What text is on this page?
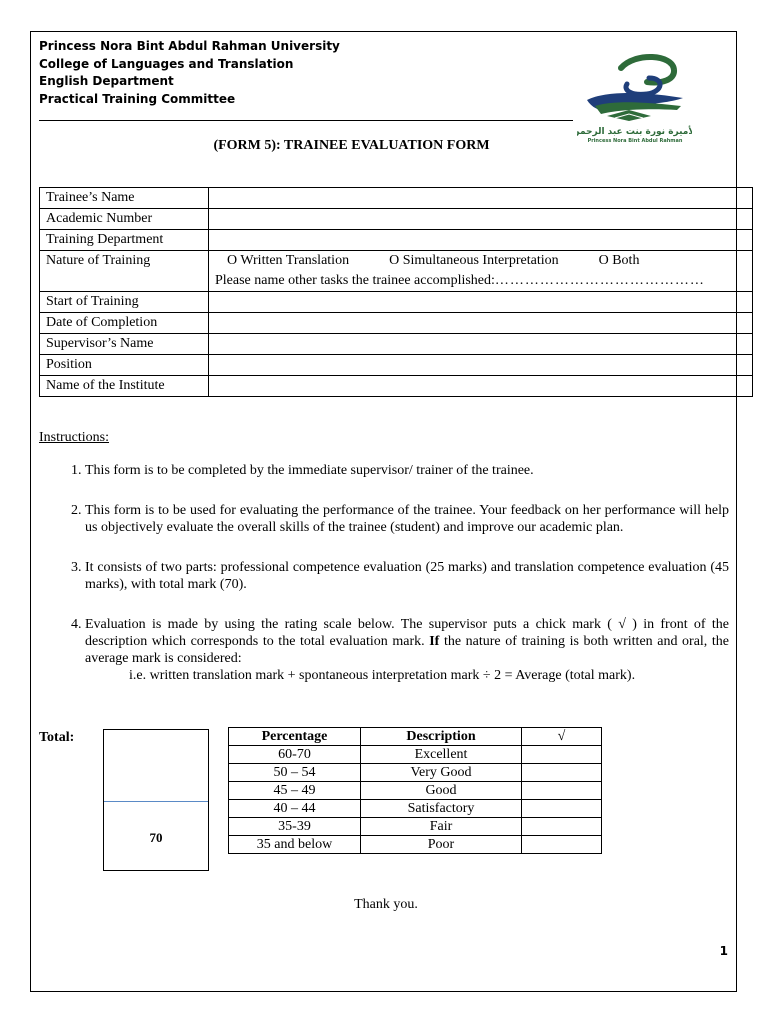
Princess Nora Bint Abdul Rahman University
College of Languages and Translation
English Department
Practical Training Committee
الأميرة نورة بنت عبد الرحمن
Princess Nora Bint Abdul Rahman
(FORM 5): TRAINEE EVALUATION FORM
Trainee’s Name	
Academic Number	
Training Department	
Nature of Training	O Written Translation O Simultaneous Interpretation O Both
Please name other tasks the trainee accomplished:……………………………………

Start of Training	
Date of Completion	
Supervisor’s Name	
Position	
Name of the Institute	
Instructions:
1. This form is to be completed by the immediate supervisor/ trainer of the trainee.
2. This form is to be used for evaluating the performance of the trainee. Your feedback on her performance will help us objectively evaluate the overall skills of the trainee (student) and improve our academic plan.
3. It consists of two parts: professional competence evaluation (25 marks) and translation competence evaluation (45 marks), with total mark (70).
4. Evaluation is made by using the rating scale below. The supervisor puts a chick mark ( √ ) in front of the description which corresponds to the total evaluation mark. If the nature of training is both written and oral, the average mark is considered:
i.e. written translation mark + spontaneous interpretation mark ÷ 2 = Average (total mark).
Total:
70
Percentage	Description	√
60-70	Excellent	
50 – 54	Very Good	
45 – 49	Good	
40 – 44	Satisfactory	
35-39	Fair	
35 and below	Poor	
Thank you.
1
